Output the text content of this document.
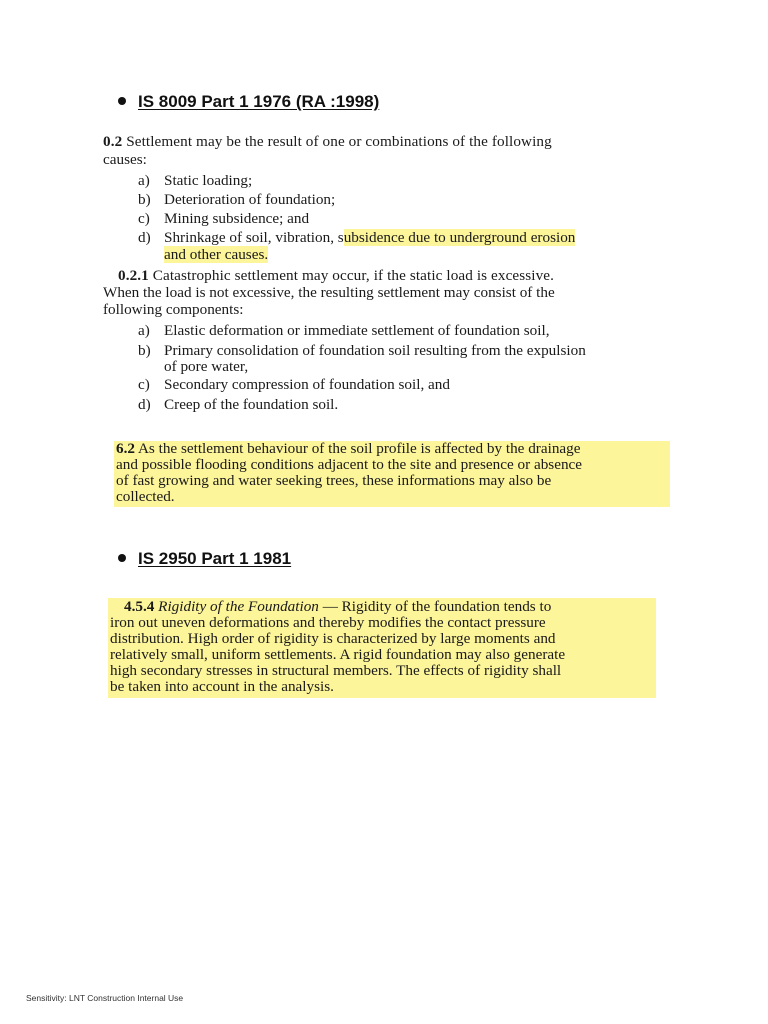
IS 8009 Part 1 1976 (RA :1998)
0.2 Settlement may be the result of one or combinations of the following
causes:
a) Static loading;
b) Deterioration of foundation;
c) Mining subsidence; and
d) Shrinkage of soil, vibration, subsidence due to underground erosion
and other causes.
0.2.1 Catastrophic settlement may occur, if the static load is excessive.
When the load is not excessive, the resulting settlement may consist of the
following components:
a) Elastic deformation or immediate settlement of foundation soil,
b) Primary consolidation of foundation soil resulting from the expulsion
of pore water,
c) Secondary compression of foundation soil, and
d) Creep of the foundation soil.
6.2 As the settlement behaviour of the soil profile is affected by the drainage
and possible flooding conditions adjacent to the site and presence or absence
of fast growing and water seeking trees, these informations may also be
collected.
IS 2950 Part 1 1981
4.5.4 Rigidity of the Foundation — Rigidity of the foundation tends to
iron out uneven deformations and thereby modifies the contact pressure
distribution. High order of rigidity is characterized by large moments and
relatively small, uniform settlements. A rigid foundation may also generate
high secondary stresses in structural members. The effects of rigidity shall
be taken into account in the analysis.
Sensitivity: LNT Construction Internal Use
